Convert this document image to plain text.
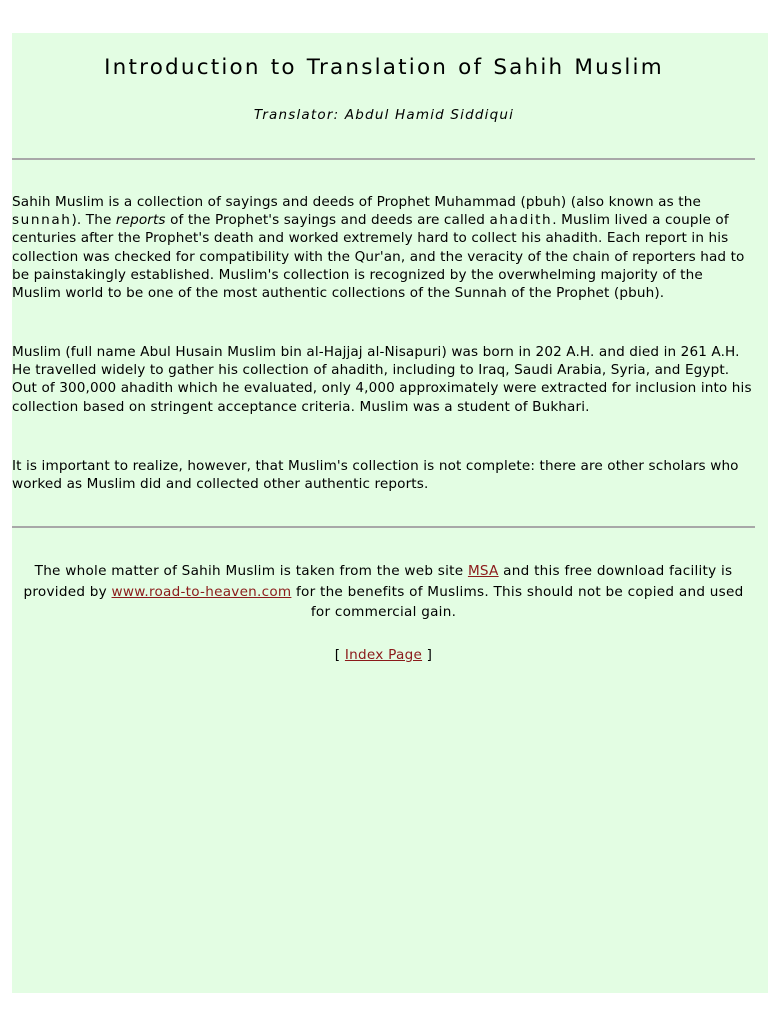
Introduction to Translation of Sahih Muslim
Translator: Abdul Hamid Siddiqui

Sahih Muslim is a collection of sayings and deeds of Prophet Muhammad (pbuh) (also known as the sunnah). The reports of the Prophet's sayings and deeds are called ahadith. Muslim lived a couple of centuries after the Prophet's death and worked extremely hard to collect his ahadith. Each report in his collection was checked for compatibility with the Qur'an, and the veracity of the chain of reporters had to be painstakingly established. Muslim's collection is recognized by the overwhelming majority of the Muslim world to be one of the most authentic collections of the Sunnah of the Prophet (pbuh).

Muslim (full name Abul Husain Muslim bin al-Hajjaj al-Nisapuri) was born in 202 A.H. and died in 261 A.H. He travelled widely to gather his collection of ahadith, including to Iraq, Saudi Arabia, Syria, and Egypt. Out of 300,000 ahadith which he evaluated, only 4,000 approximately were extracted for inclusion into his collection based on stringent acceptance criteria. Muslim was a student of Bukhari.

It is important to realize, however, that Muslim's collection is not complete: there are other scholars who worked as Muslim did and collected other authentic reports.

The whole matter of Sahih Muslim is taken from the web site MSA and this free download facility is provided by www.road-to-heaven.com for the benefits of Muslims. This should not be copied and used for commercial gain.

[ Index Page ]
